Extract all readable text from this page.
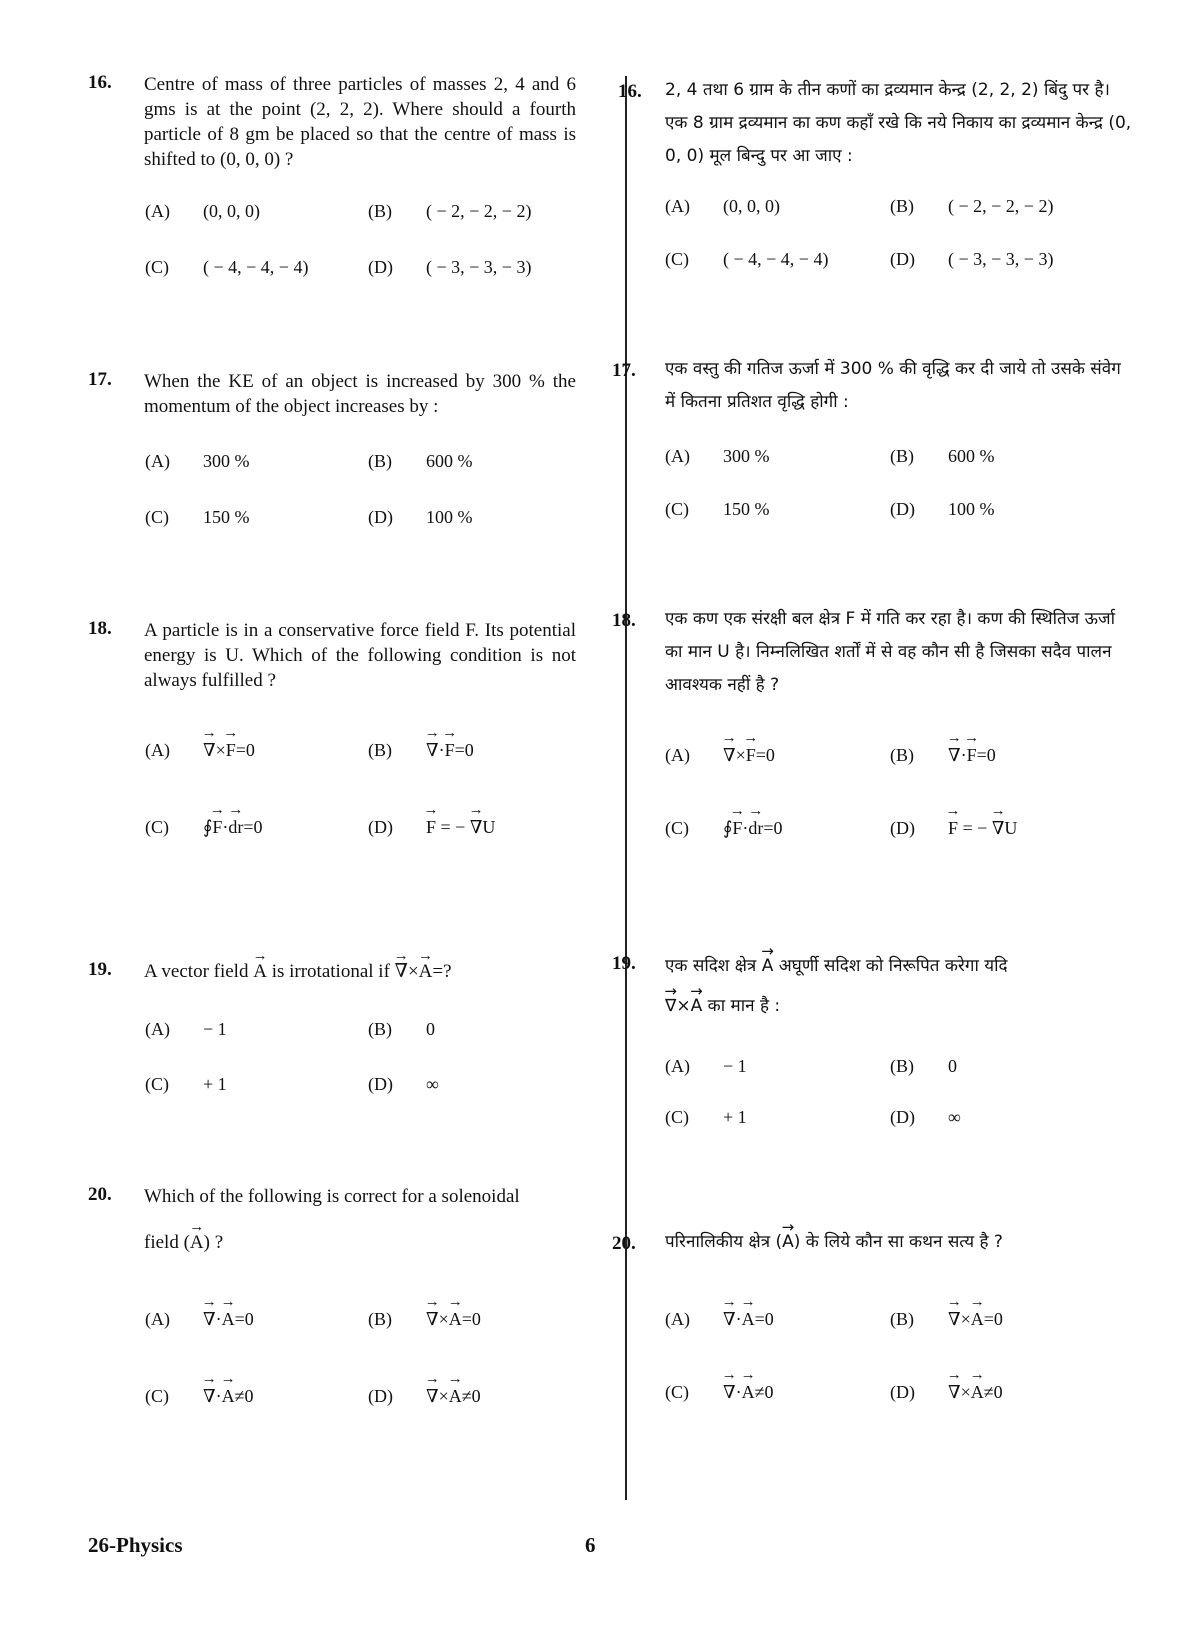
16. Centre of mass of three particles of masses 2, 4 and 6 gms is at the point (2, 2, 2). Where should a fourth particle of 8 gm be placed so that the centre of mass is shifted to (0, 0, 0) ?
(A) (0, 0, 0)	(B) ( − 2, − 2, − 2)
(C) ( − 4, − 4, − 4)	(D) ( − 3, − 3, − 3)
17. When the KE of an object is increased by 300 % the momentum of the object increases by :
(A) 300 %	(B) 600 %
(C) 150 %	(D) 100 %
18. A particle is in a conservative force field F. Its potential energy is U. Which of the following condition is not always fulfilled ?
(A) → ∇×→ F=0	(B) → ∇·→ F=0
(C) ∮→ F·→ dr=0	(D) → F = − → ∇U
19. A vector field → A is irrotational if → ∇×→ A=?
(A) − 1	(B) 0
(C) + 1	(D) ∞
20. Which of the following is correct for a solenoidal
field (→ A) ?
(A) → ∇·→ A=0	(B) → ∇×→ A=0
(C) → ∇·→ A≠0	(D) → ∇×→ A≠0
16. 2, 4 तथा 6 ग्राम के तीन कणों का द्रव्यमान केन्द्र (2, 2, 2) बिंदु पर है। एक 8 ग्राम द्रव्यमान का कण कहाँ रखे कि नये निकाय का द्रव्यमान केन्द्र (0, 0, 0) मूल बिन्दु पर आ जाए :
(A) (0, 0, 0)	(B) ( − 2, − 2, − 2)
(C) ( − 4, − 4, − 4)	(D) ( − 3, − 3, − 3)
17. एक वस्तु की गतिज ऊर्जा में 300 % की वृद्धि कर दी जाये तो उसके संवेग में कितना प्रतिशत वृद्धि होगी :
(A) 300 %	(B) 600 %
(C) 150 %	(D) 100 %
18. एक कण एक संरक्षी बल क्षेत्र F में गति कर रहा है। कण की स्थितिज ऊर्जा का मान U है। निम्नलिखित शर्तों में से वह कौन सी है जिसका सदैव पालन आवश्यक नहीं है ?
(A) → ∇×→ F=0	(B) → ∇·→ F=0
(C) ∮→ F·→ dr=0	(D) → F = − → ∇U
19. एक सदिश क्षेत्र → A अघूर्णी सदिश को निरूपित करेगा यदि
→ ∇×→ A का मान है :
(A) − 1	(B) 0
(C) + 1	(D) ∞
20. परिनालिकीय क्षेत्र (→ A) के लिये कौन सा कथन सत्य है ?
(A) → ∇·→ A=0	(B) → ∇×→ A=0
(C) → ∇·→ A≠0	(D) → ∇×→ A≠0
26-Physics	6
